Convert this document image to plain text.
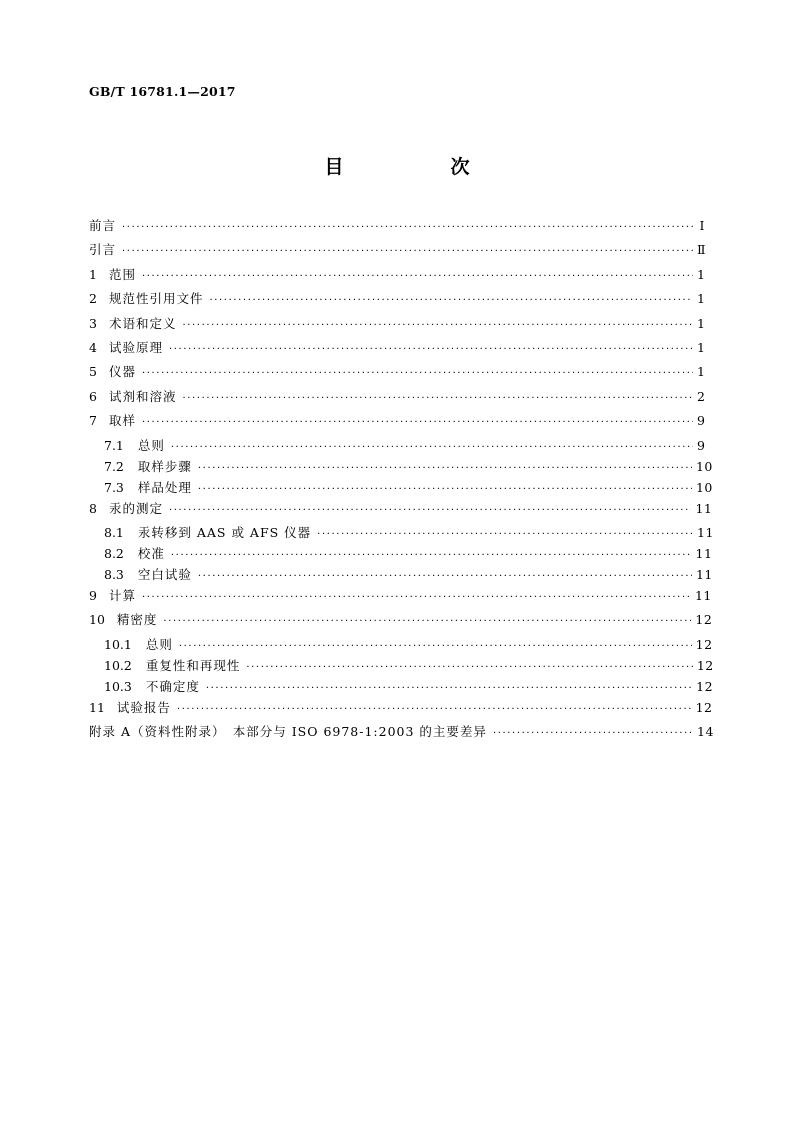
GB/T 16781.1—2017
目　次
前言 ·····	Ⅰ
引言 ·····	Ⅱ
1 范围 ·····	1
2 规范性引用文件 ·····	1
3 术语和定义 ·····	1
4 试验原理 ·····	1
5 仪器 ·····	1
6 试剂和溶液 ·····	2
7 取样 ·····	9
7.1 总则 ·····	9
7.2 取样步骤 ·····	10
7.3 样品处理 ·····	10
8 汞的测定 ·····	11
8.1 汞转移到 AAS 或 AFS 仪器 ·····	11
8.2 校准 ·····	11
8.3 空白试验 ·····	11
9 计算 ·····	11
10 精密度 ·····	12
10.1 总则 ·····	12
10.2 重复性和再现性 ·····	12
10.3 不确定度 ·····	12
11 试验报告 ·····	12
附录 A（资料性附录）　本部分与 ISO 6978-1:2003 的主要差异 ·····	14
